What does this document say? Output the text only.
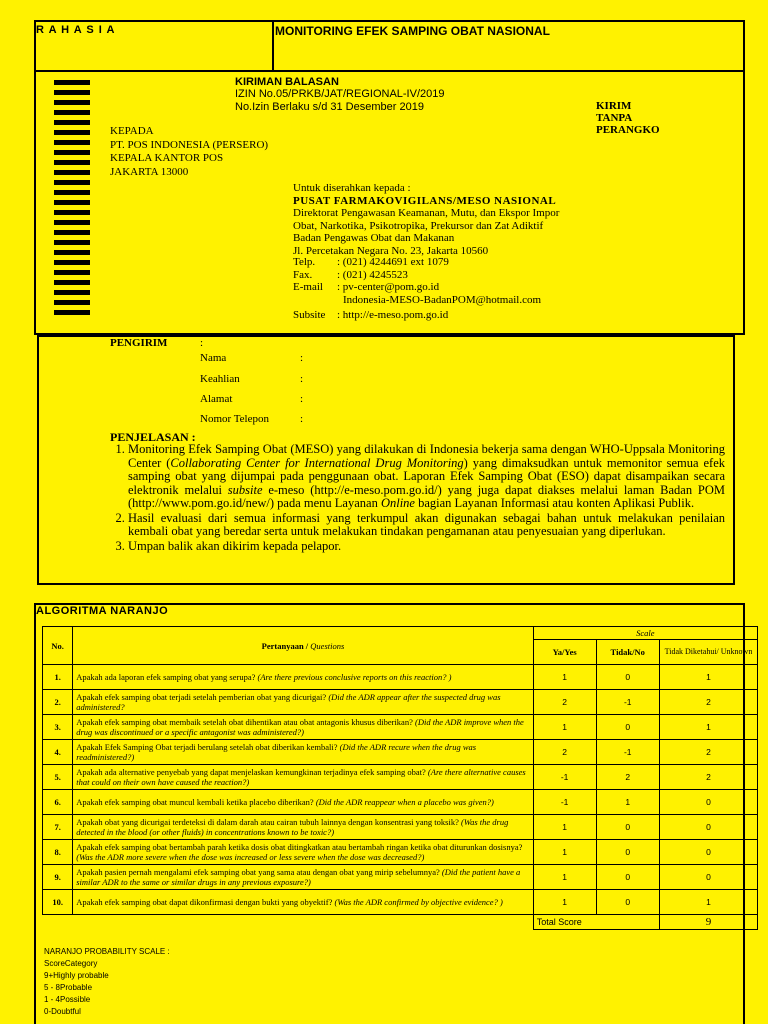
R A H A S I A	MONITORING EFEK SAMPING OBAT NASIONAL
KIRIMAN BALASAN
IZIN No.05/PRKB/JAT/REGIONAL-IV/2019
No.Izin Berlaku s/d 31 Desember 2019	KIRIM
TANPA
PERANGKO
KEPADA
PT. POS INDONESIA (PERSERO)
KEPALA KANTOR POS
JAKARTA 13000
Untuk diserahkan kepada :
PUSAT FARMAKOVIGILANS/MESO NASIONAL
Direktorat Pengawasan Keamanan, Mutu, dan Ekspor Impor
Obat, Narkotika, Psikotropika, Prekursor dan Zat Adiktif
Badan Pengawas Obat dan Makanan
Jl. Percetakan Negara No. 23, Jakarta 10560
Telp.	: (021) 4244691 ext 1079
Fax.	: (021) 4245523
E-mail	: pv-center@pom.go.id
Indonesia-MESO-BadanPOM@hotmail.com
Subsite	: http://e-meso.pom.go.id
PENGIRIM	:
Nama	:
Keahlian	:
Alamat	:
Nomor Telepon	:
PENJELASAN :
1. Monitoring Efek Samping Obat (MESO) yang dilakukan di Indonesia bekerja sama dengan WHO-Uppsala Monitoring Center (Collaborating Center for International Drug Monitoring) yang dimaksudkan untuk memonitor semua efek samping obat yang dijumpai pada penggunaan obat. Laporan Efek Samping Obat (ESO) dapat disampaikan secara elektronik melalui subsite e-meso (http://e-meso.pom.go.id/) yang juga dapat diakses melalui laman Badan POM (http://www.pom.go.id/new/) pada menu Layanan Online bagian Layanan Informasi atau konten Aplikasi Publik.
2. Hasil evaluasi dari semua informasi yang terkumpul akan digunakan sebagai bahan untuk melakukan penilaian kembali obat yang beredar serta untuk melakukan tindakan pengamanan atau penyesuaian yang diperlukan.
3. Umpan balik akan dikirim kepada pelapor.
ALGORITMA NARANJO
No.	Pertanyaan / Questions	Scale		
		Ya/Yes	Tidak/No	Tidak Diketahui/ Unknown
1.	Apakah ada laporan efek samping obat yang serupa? (Are there previous conclusive reports on this reaction? )	1	0	1
2.	Apakah efek samping obat terjadi setelah pemberian obat yang dicurigai? (Did the ADR appear after the suspected drug was administered?	2	-1	2
3.	Apakah efek samping obat membaik setelah obat dihentikan atau obat antagonis khusus diberikan? (Did the ADR improve when the drug was discontinued or a specific antagonist was administered?)	1	0	1
4.	Apakah Efek Samping Obat terjadi berulang setelah obat diberikan kembali? (Did the ADR recure when the drug was readministered?)	2	-1	2
5.	Apakah ada alternative penyebab yang dapat menjelaskan kemungkinan terjadinya efek samping obat? (Are there alternative causes that could on their own have caused the reaction?)	-1	2	2
6.	Apakah efek samping obat muncul kembali ketika placebo diberikan? (Did the ADR reappear when a placebo was given?)	-1	1	0
7.	Apakah obat yang dicurigai terdeteksi di dalam darah atau cairan tubuh lainnya dengan konsentrasi yang toksik? (Was the drug detected in the blood (or other fluids) in concentrations known to be toxic?)	1	0	0
8.	Apakah efek samping obat bertambah parah ketika dosis obat ditingkatkan atau bertambah ringan ketika obat diturunkan dosisnya? (Was the ADR more severe when the dose was increased or less severe when the dose was decreased?)	1	0	0
9.	Apakah pasien pernah mengalami efek samping obat yang sama atau dengan obat yang mirip sebelumnya? (Did the patient have a similar ADR to the same or similar drugs in any previous exposure?)	1	0	0
10.	Apakah efek samping obat dapat dikonfirmasi dengan bukti yang obyektif? (Was the ADR confirmed by objective evidence? )	1	0	1
		Total Score		9
NARANJO PROBABILITY SCALE :
ScoreCategory
9+Highly probable
5 - 8Probable
1 - 4Possible
0-Doubtful
